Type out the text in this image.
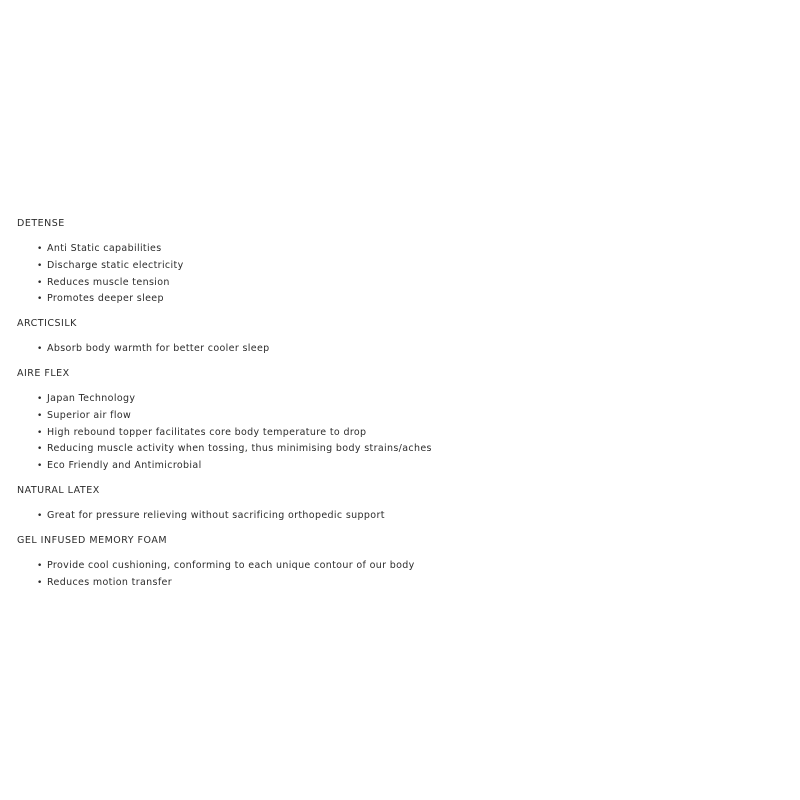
DETENSE
• Anti Static capabilities
• Discharge static electricity
• Reduces muscle tension
• Promotes deeper sleep
ARCTICSILK
• Absorb body warmth for better cooler sleep
AIRE FLEX
• Japan Technology
• Superior air flow
• High rebound topper facilitates core body temperature to drop
• Reducing muscle activity when tossing, thus minimising body strains/aches
• Eco Friendly and Antimicrobial
NATURAL LATEX
• Great for pressure relieving without sacrificing orthopedic support
GEL INFUSED MEMORY FOAM
• Provide cool cushioning, conforming to each unique contour of our body
• Reduces motion transfer
